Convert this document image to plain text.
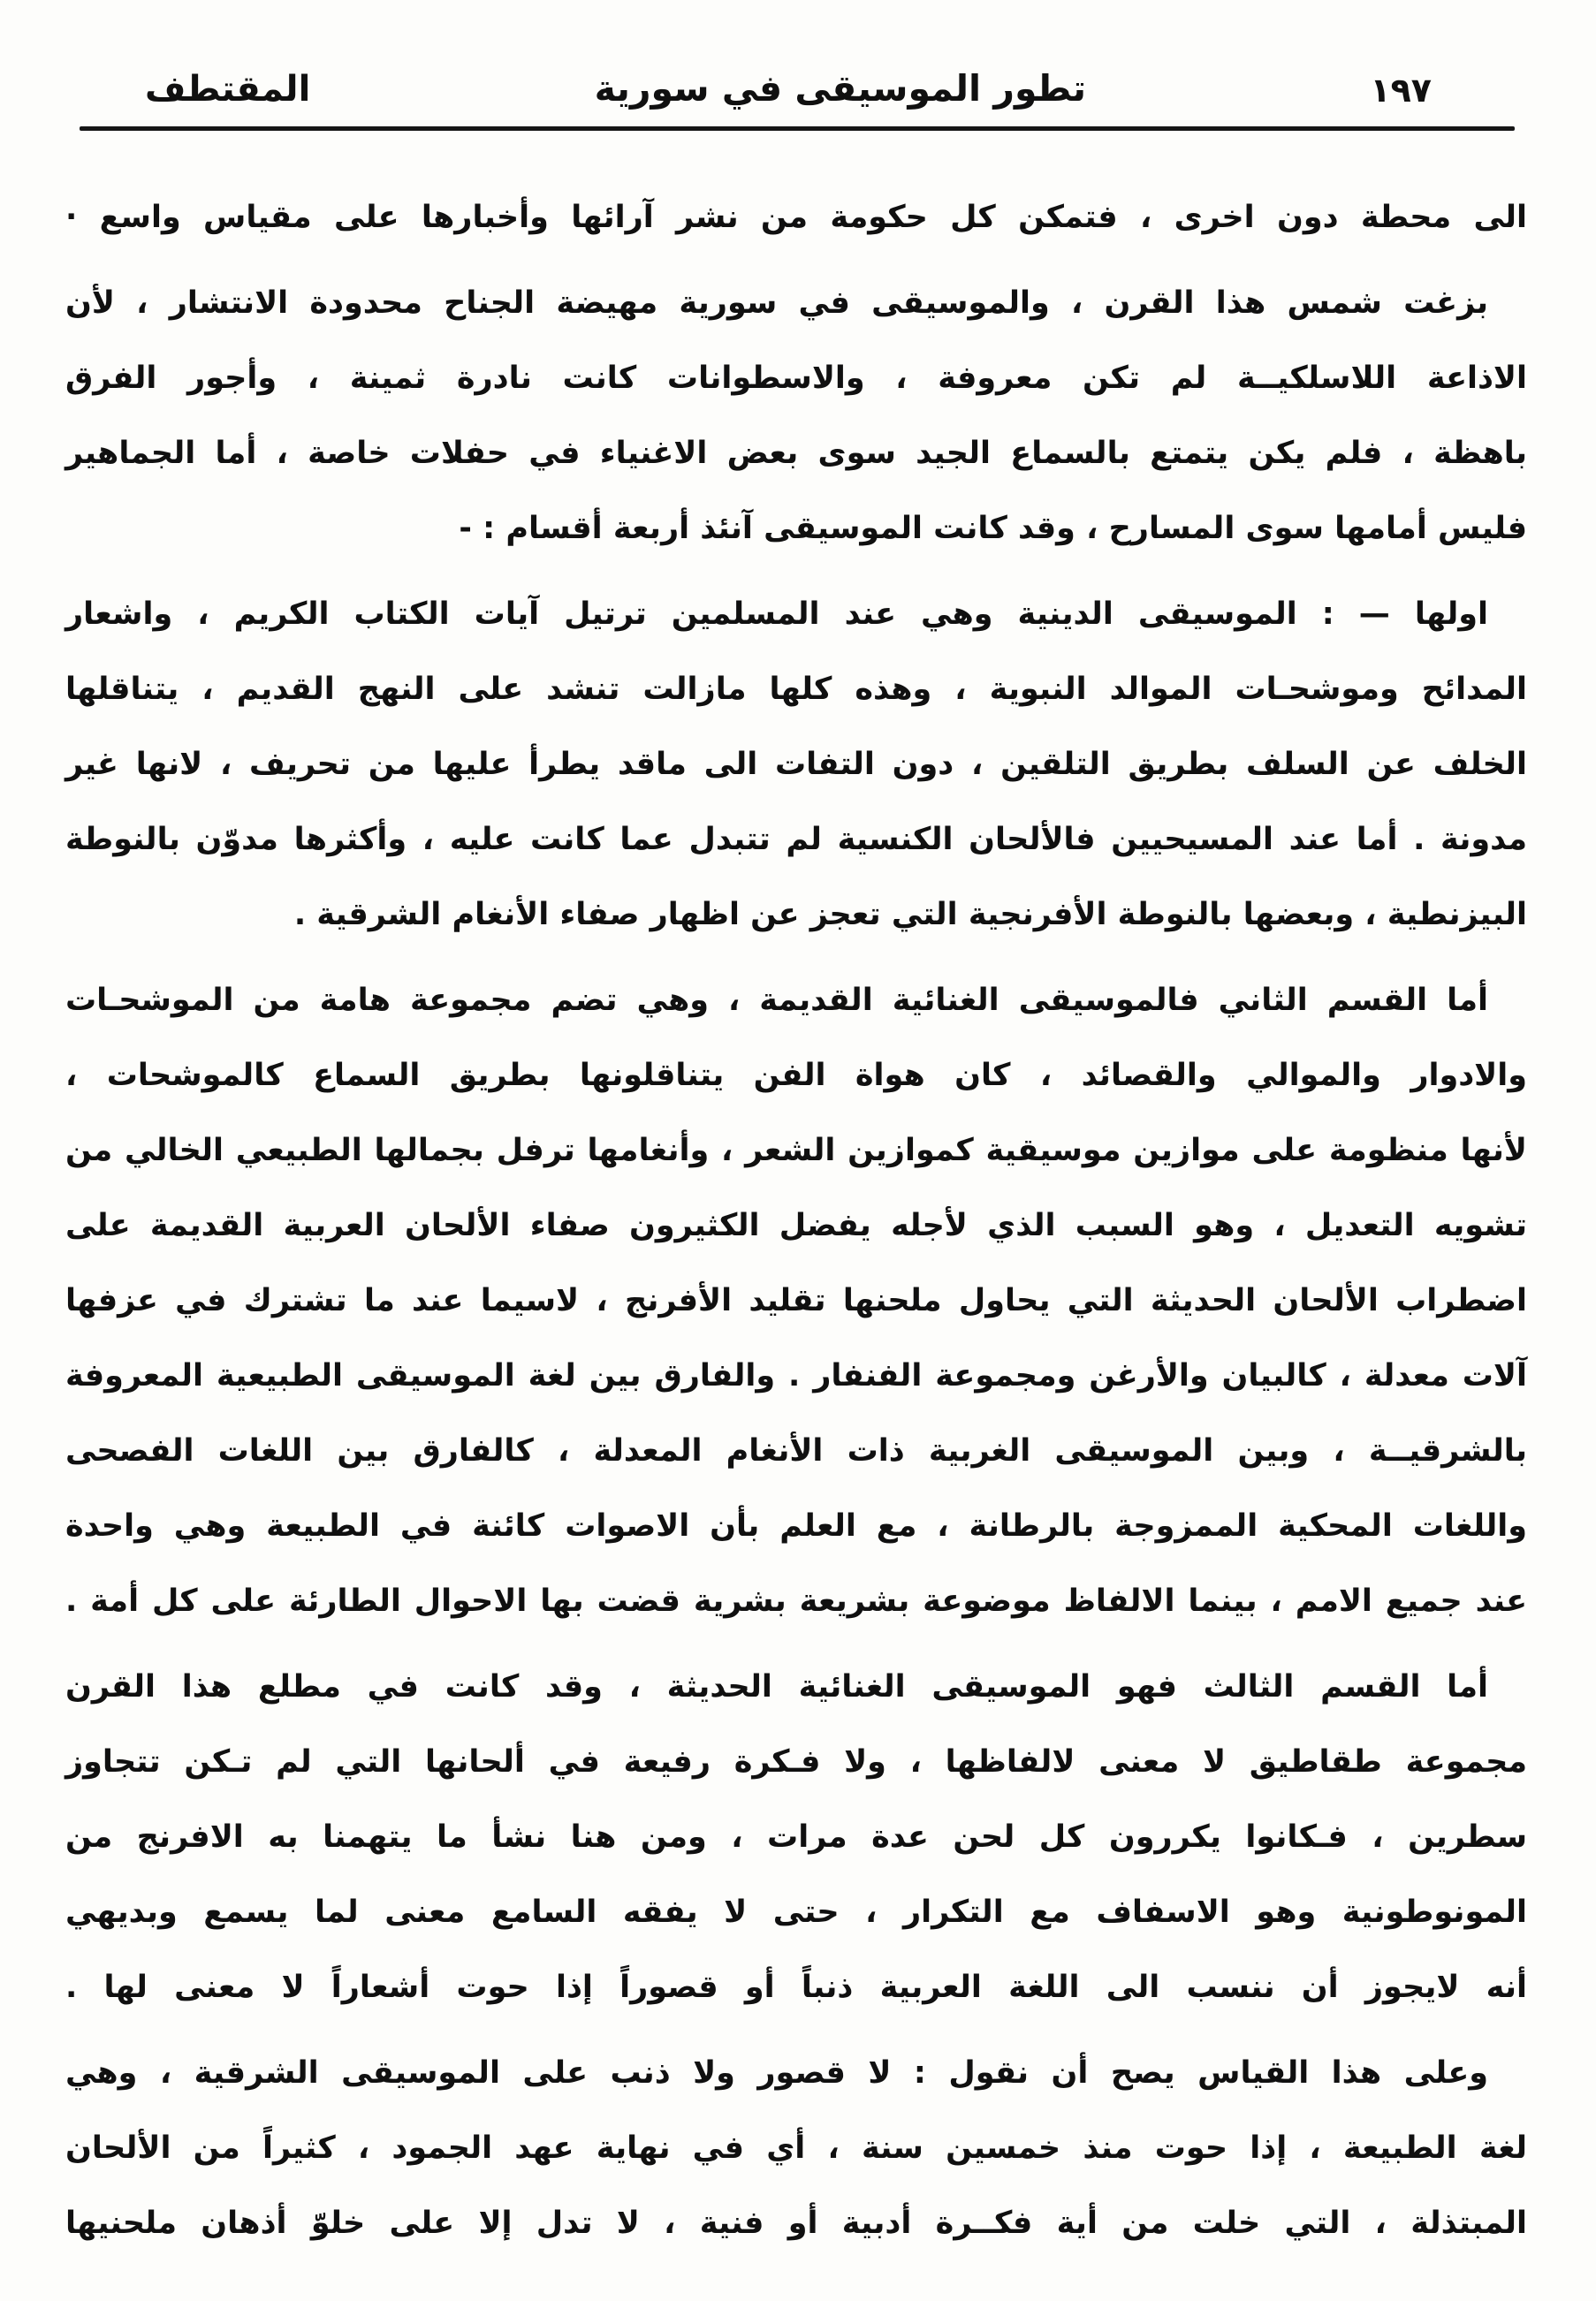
١٩٧
تطور الموسيقى في سورية
المقتطف
الى محطة دون اخرى ، فتمكن كل حكومة من نشر آرائها وأخبارها على مقياس واسع ·
بزغت شمس هذا القرن ، والموسيقى في سورية مهيضة الجناح محدودة الانتشار ، لأن
الاذاعة اللاسلكيــة لم تكن معروفة ، والاسطوانات كانت نادرة ثمينة ، وأجور الفرق
باهظة ، فلم يكن يتمتع بالسماع الجيد سوى بعض الاغنياء في حفلات خاصة ، أما الجماهير
فليس أمامها سوى المسارح ، وقد كانت الموسيقى آنئذ أربعة أقسام : -
اولها — : الموسيقى الدينية وهي عند المسلمين ترتيل آيات الكتاب الكريم ، واشعار
المدائح وموشحـات الموالد النبوية ، وهذه كلها مازالت تنشد على النهج القديم ، يتناقلها
الخلف عن السلف بطريق التلقين ، دون التفات الى ماقد يطرأ عليها من تحريف ، لانها غير
مدونة . أما عند المسيحيين فالألحان الكنسية لم تتبدل عما كانت عليه ، وأكثرها مدوّن بالنوطة
البيزنطية ، وبعضها بالنوطة الأفرنجية التي تعجز عن اظهار صفاء الأنغام الشرقية .
أما القسم الثاني فالموسيقى الغنائية القديمة ، وهي تضم مجموعة هامة من الموشحـات
والادوار والموالي والقصائد ، كان هواة الفن يتناقلونها بطريق السماع كالموشحات ،
لأنها منظومة على موازين موسيقية كموازين الشعر ، وأنغامها ترفل بجمالها الطبيعي الخالي من
تشويه التعديل ، وهو السبب الذي لأجله يفضل الكثيرون صفاء الألحان العربية القديمة على
اضطراب الألحان الحديثة التي يحاول ملحنها تقليد الأفرنج ، لاسيما عند ما تشترك في عزفها
آلات معدلة ، كالبيان والأرغن ومجموعة الفنفار . والفارق بين لغة الموسيقى الطبيعية المعروفة
بالشرقيــة ، وبين الموسيقى الغربية ذات الأنغام المعدلة ، كالفارق بين اللغات الفصحى
واللغات المحكية الممزوجة بالرطانة ، مع العلم بأن الاصوات كائنة في الطبيعة وهي واحدة
عند جميع الامم ، بينما الالفاظ موضوعة بشريعة بشرية قضت بها الاحوال الطارئة على كل أمة .
أما القسم الثالث فهو الموسيقى الغنائية الحديثة ، وقد كانت في مطلع هذا القرن
مجموعة طقاطيق لا معنى لالفاظها ، ولا فـكرة رفيعة في ألحانها التي لم تـكن تتجاوز
سطرين ، فـكانوا يكررون كل لحن عدة مرات ، ومن هنا نشأ ما يتهمنا به الافرنج من
المونوطونية وهو الاسفاف مع التكرار ، حتى لا يفقه السامع معنى لما يسمع وبديهي
أنه لايجوز أن ننسب الى اللغة العربية ذنباً أو قصوراً إذا حوت أشعاراً لا معنى لها .
وعلى هذا القياس يصح أن نقول : لا قصور ولا ذنب على الموسيقى الشرقية ، وهي
لغة الطبيعة ، إذا حوت منذ خمسين سنة ، أي في نهاية عهد الجمود ، كثيراً من الألحان
المبتذلة ، التي خلت من أية فكــرة أدبية أو فنية ، لا تدل إلا على خلوّ أذهان ملحنيها
